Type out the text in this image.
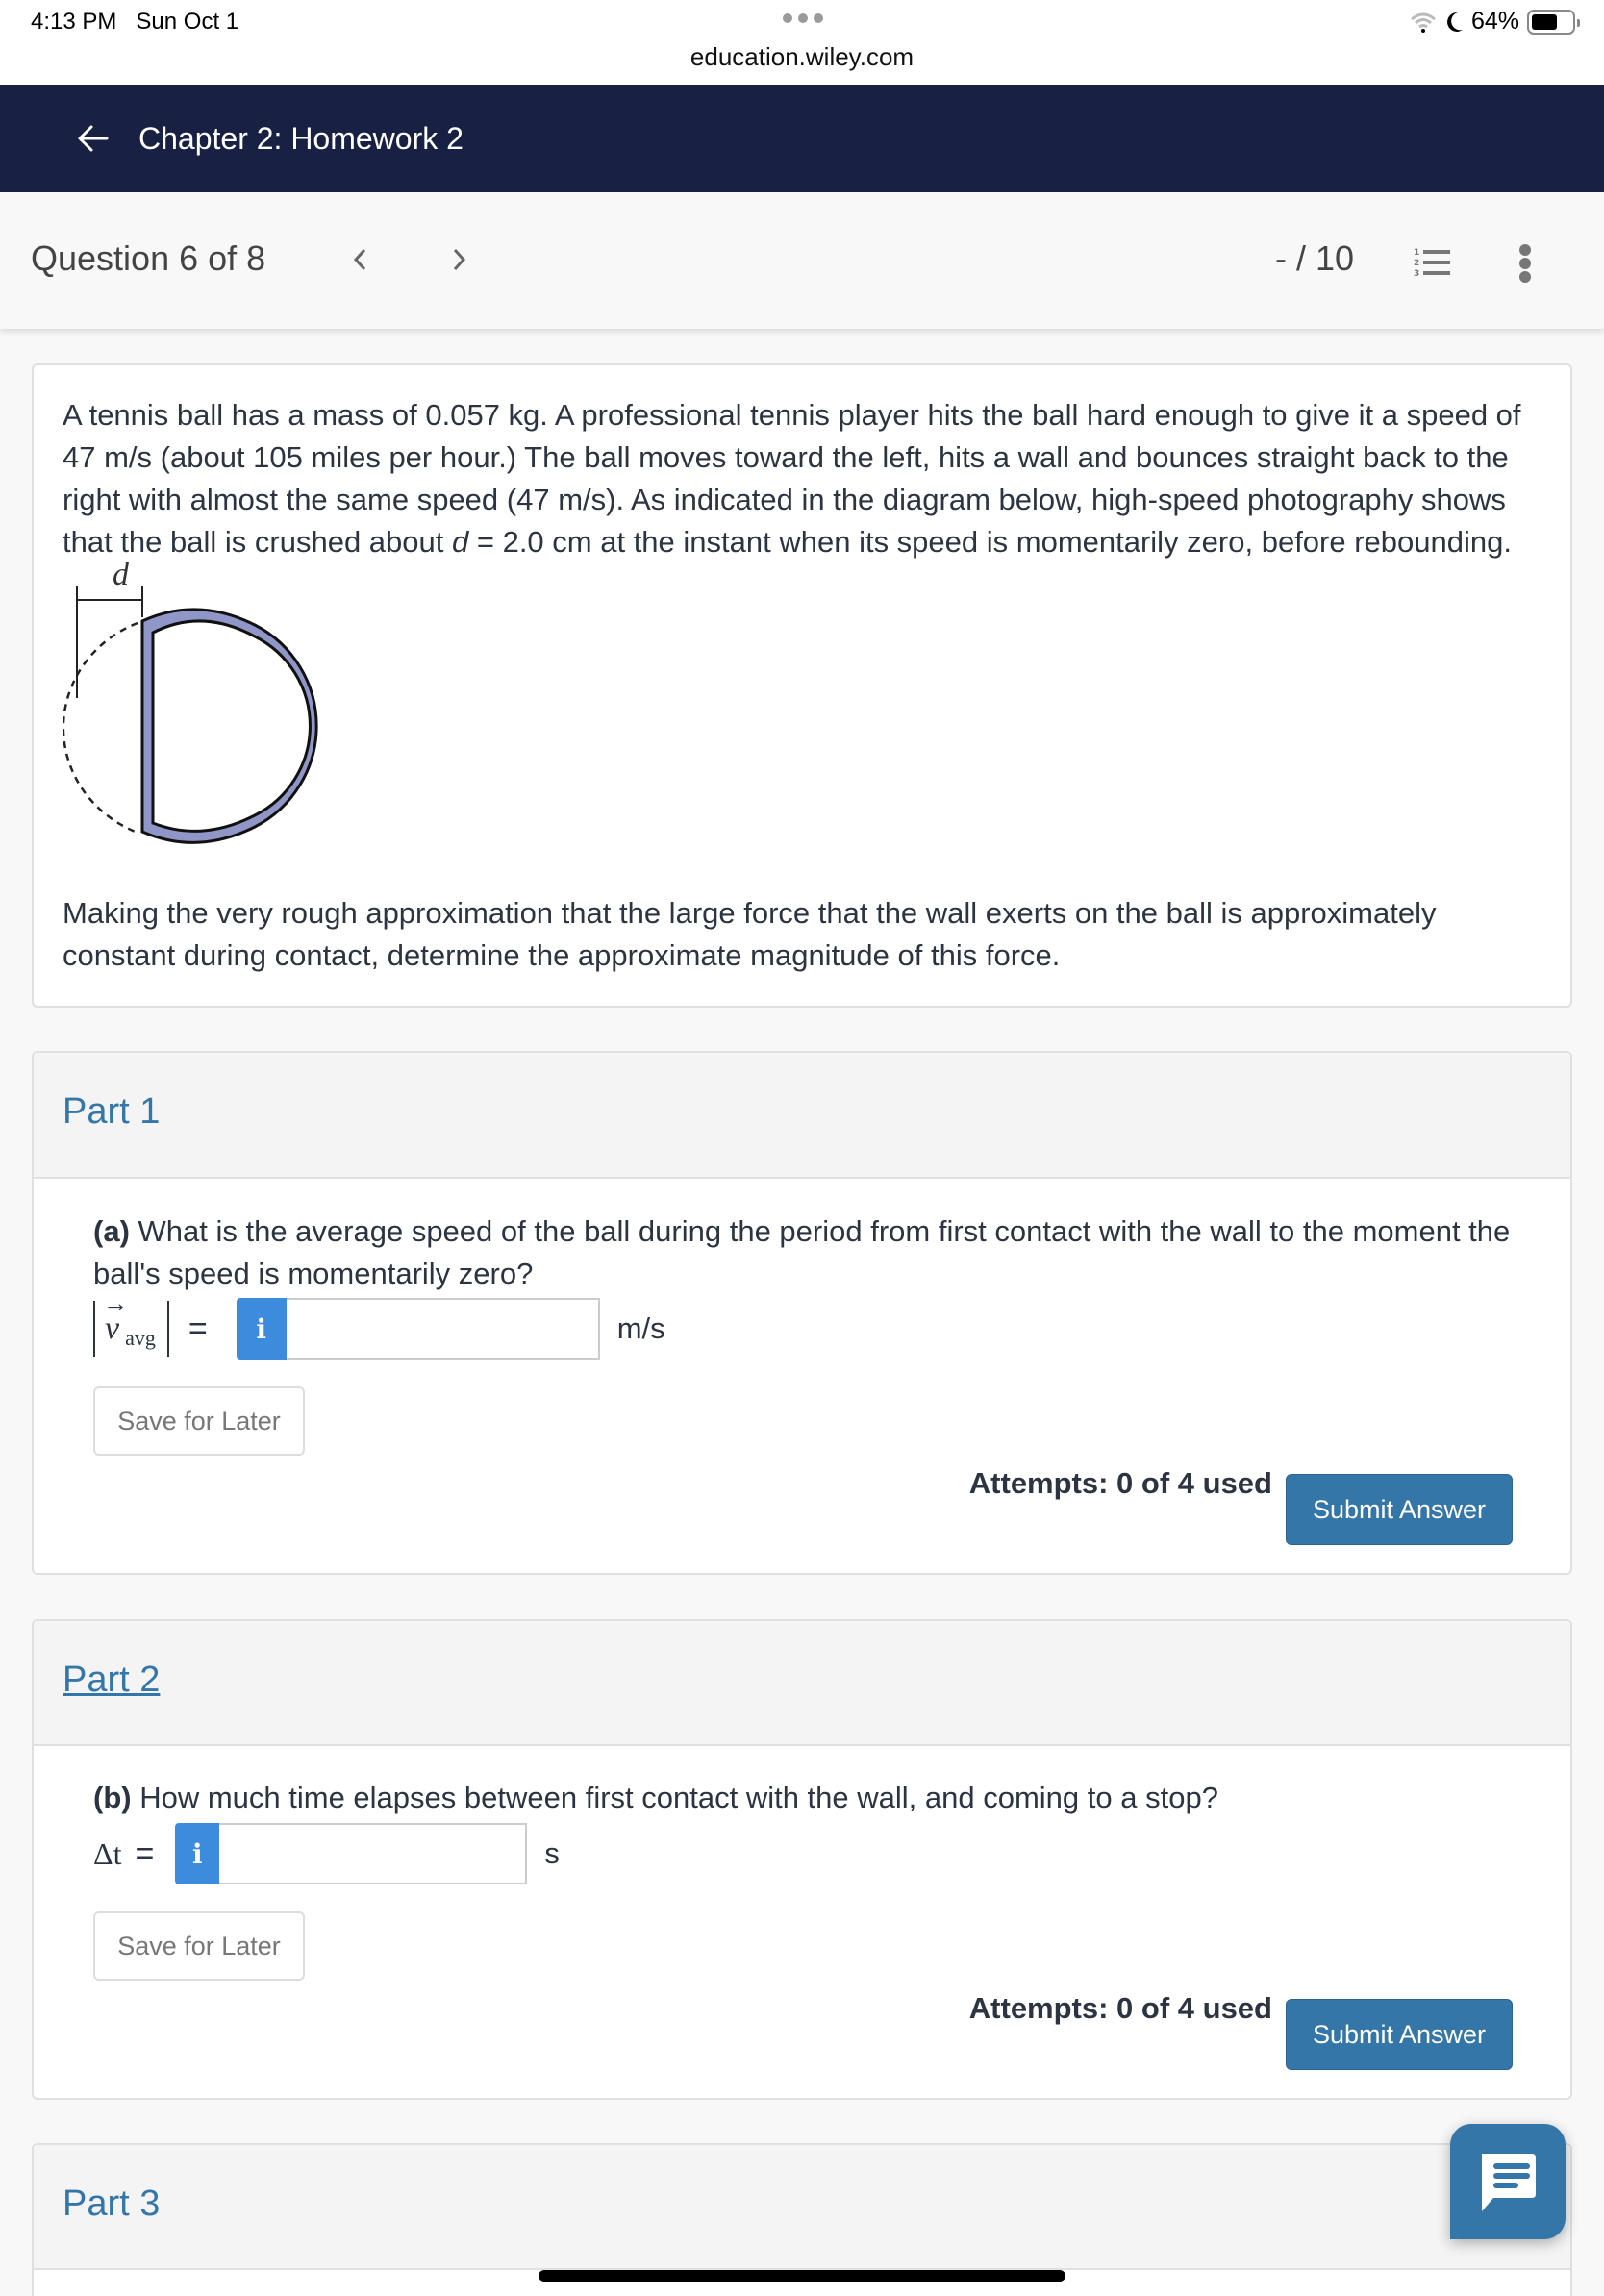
4:13 PM Sun Oct 1
education.wiley.com
64%
Chapter 2: Homework 2
Question 6 of 8	- / 10	1
2
3

A tennis ball has a mass of 0.057 kg. A professional tennis player hits the ball hard enough to give it a speed of 47 m/s (about 105 miles per hour.) The ball moves toward the left, hits a wall and bounces straight back to the right with almost the same speed (47 m/s). As indicated in the diagram below, high-speed photography shows that the ball is crushed about d = 2.0 cm at the instant when its speed is momentarily zero, before rebounding.

d

Making the very rough approximation that the large force that the wall exerts on the ball is approximately constant during contact, determine the approximate magnitude of this force.

Part 1
(a) What is the average speed of the ball during the period from first contact with the wall to the moment the ball's speed is momentarily zero?
→ v avg =	i	m/s
Save for Later
Attempts: 0 of 4 used
Submit Answer
Part 2
(b) How much time elapses between first contact with the wall, and coming to a stop?
Δt =	i	s
Save for Later
Attempts: 0 of 4 used
Submit Answer
Part 3
